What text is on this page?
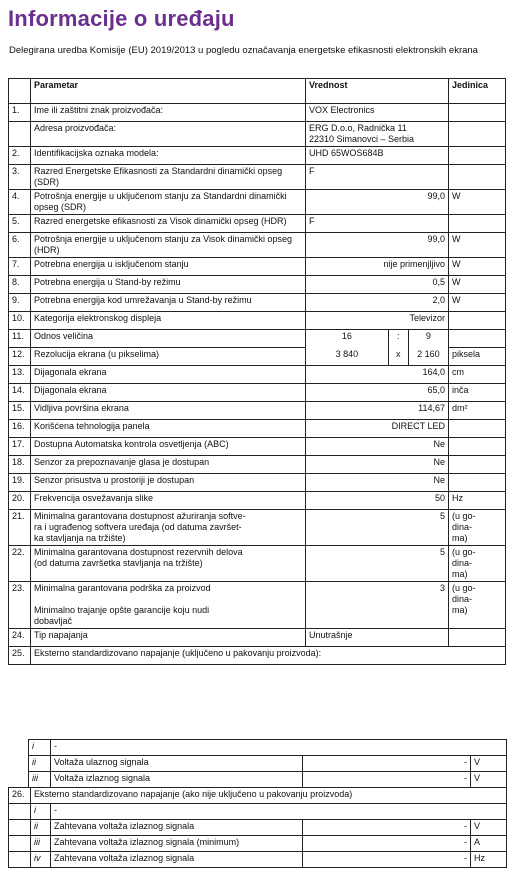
Informacije o uređaju
Delegirana uredba Komisije (EU) 2019/2013 u pogledu označavanja energetske efikasnosti elektronskih ekrana
	Parametar	Vrednost	Jedinica
1.	Ime ili zaštitni znak proizvođača:	VOX Electronics	
	Adresa proizvođača:	ERG D.o.o, Radnička 11
22310 Simanovci – Serbia	
2.	Identifikacijska oznaka modela:	UHD 65WOS684B	
3.	Razred Energetske Efikasnosti za Standardni dinamički opseg (SDR)	F	
4.	Potrošnja energije u uključenom stanju za Standardni dinamički opseg (SDR)	99,0	W
5.	Razred energetske efikasnosti za Visok dinamički opseg (HDR)	F	
6.	Potrošnja energije u uključenom stanju za Visok dinamički opseg (HDR)	99,0	W
7.	Potrebna energija u isključenom stanju	nije primenjljivo	W
8.	Potrebna energija u Stand-by režimu	0,5	W
9.	Potrebna energija kod umrežavanja u Stand-by režimu	2,0	W
10.	Kategorija elektronskog displeja	Televizor	
11.	Odnos veličina		16	:	9

12.	Rezolucija ekrana (u pikselima)		3 840	x	2 160
	piksela
13.	Dijagonala ekrana	164,0	cm
14.	Dijagonala ekrana	65,0	inča
15.	Vidljiva površina ekrana	114,67	dm²
16.	Korišćena tehnologija panela	DIRECT LED	
17.	Dostupna Automatska kontrola osvetljenja (ABC)	Ne	
18.	Senzor za prepoznavanje glasa je dostupan	Ne	
19.	Senzor prisustva u prostoriji je dostupan	Ne	
20.	Frekvencija osvežavanja slike	50	Hz
21.	Minimalna garantovana dostupnost ažuriranja softve-
ra i ugrađenog softvera uređaja (od datuma završet-
ka stavljanja na tržište)	5	(u go-
dina-
ma)
22.	Minimalna garantovana dostupnost rezervnih delova
(od datuma završetka stavljanja na tržište)	5	(u go-
dina-
ma)
23.	Minimalna garantovana podrška za proizvod

Minimalno trajanje opšte garancije koju nudi
dobavljač	3	(u go-
dina-
ma)
24.	Tip napajanja	Unutrašnje	
25.	Eksterno standardizovano napajanje (uključeno u pakovanju proizvoda):
i	-		
ii	Voltaža ulaznog signala	-	V
iii	Voltaža izlaznog signala	-	V
26.	Eksterno standardizovano napajanje (ako nije uključeno u pakovanju proizvoda)			
	i	-		
	ii	Zahtevana voltaža izlaznog signala	-	V
	iii	Zahtevana voltaža izlaznog signala (minimum)	-	A
	iv	Zahtevana voltaža izlaznog signala	-	Hz
